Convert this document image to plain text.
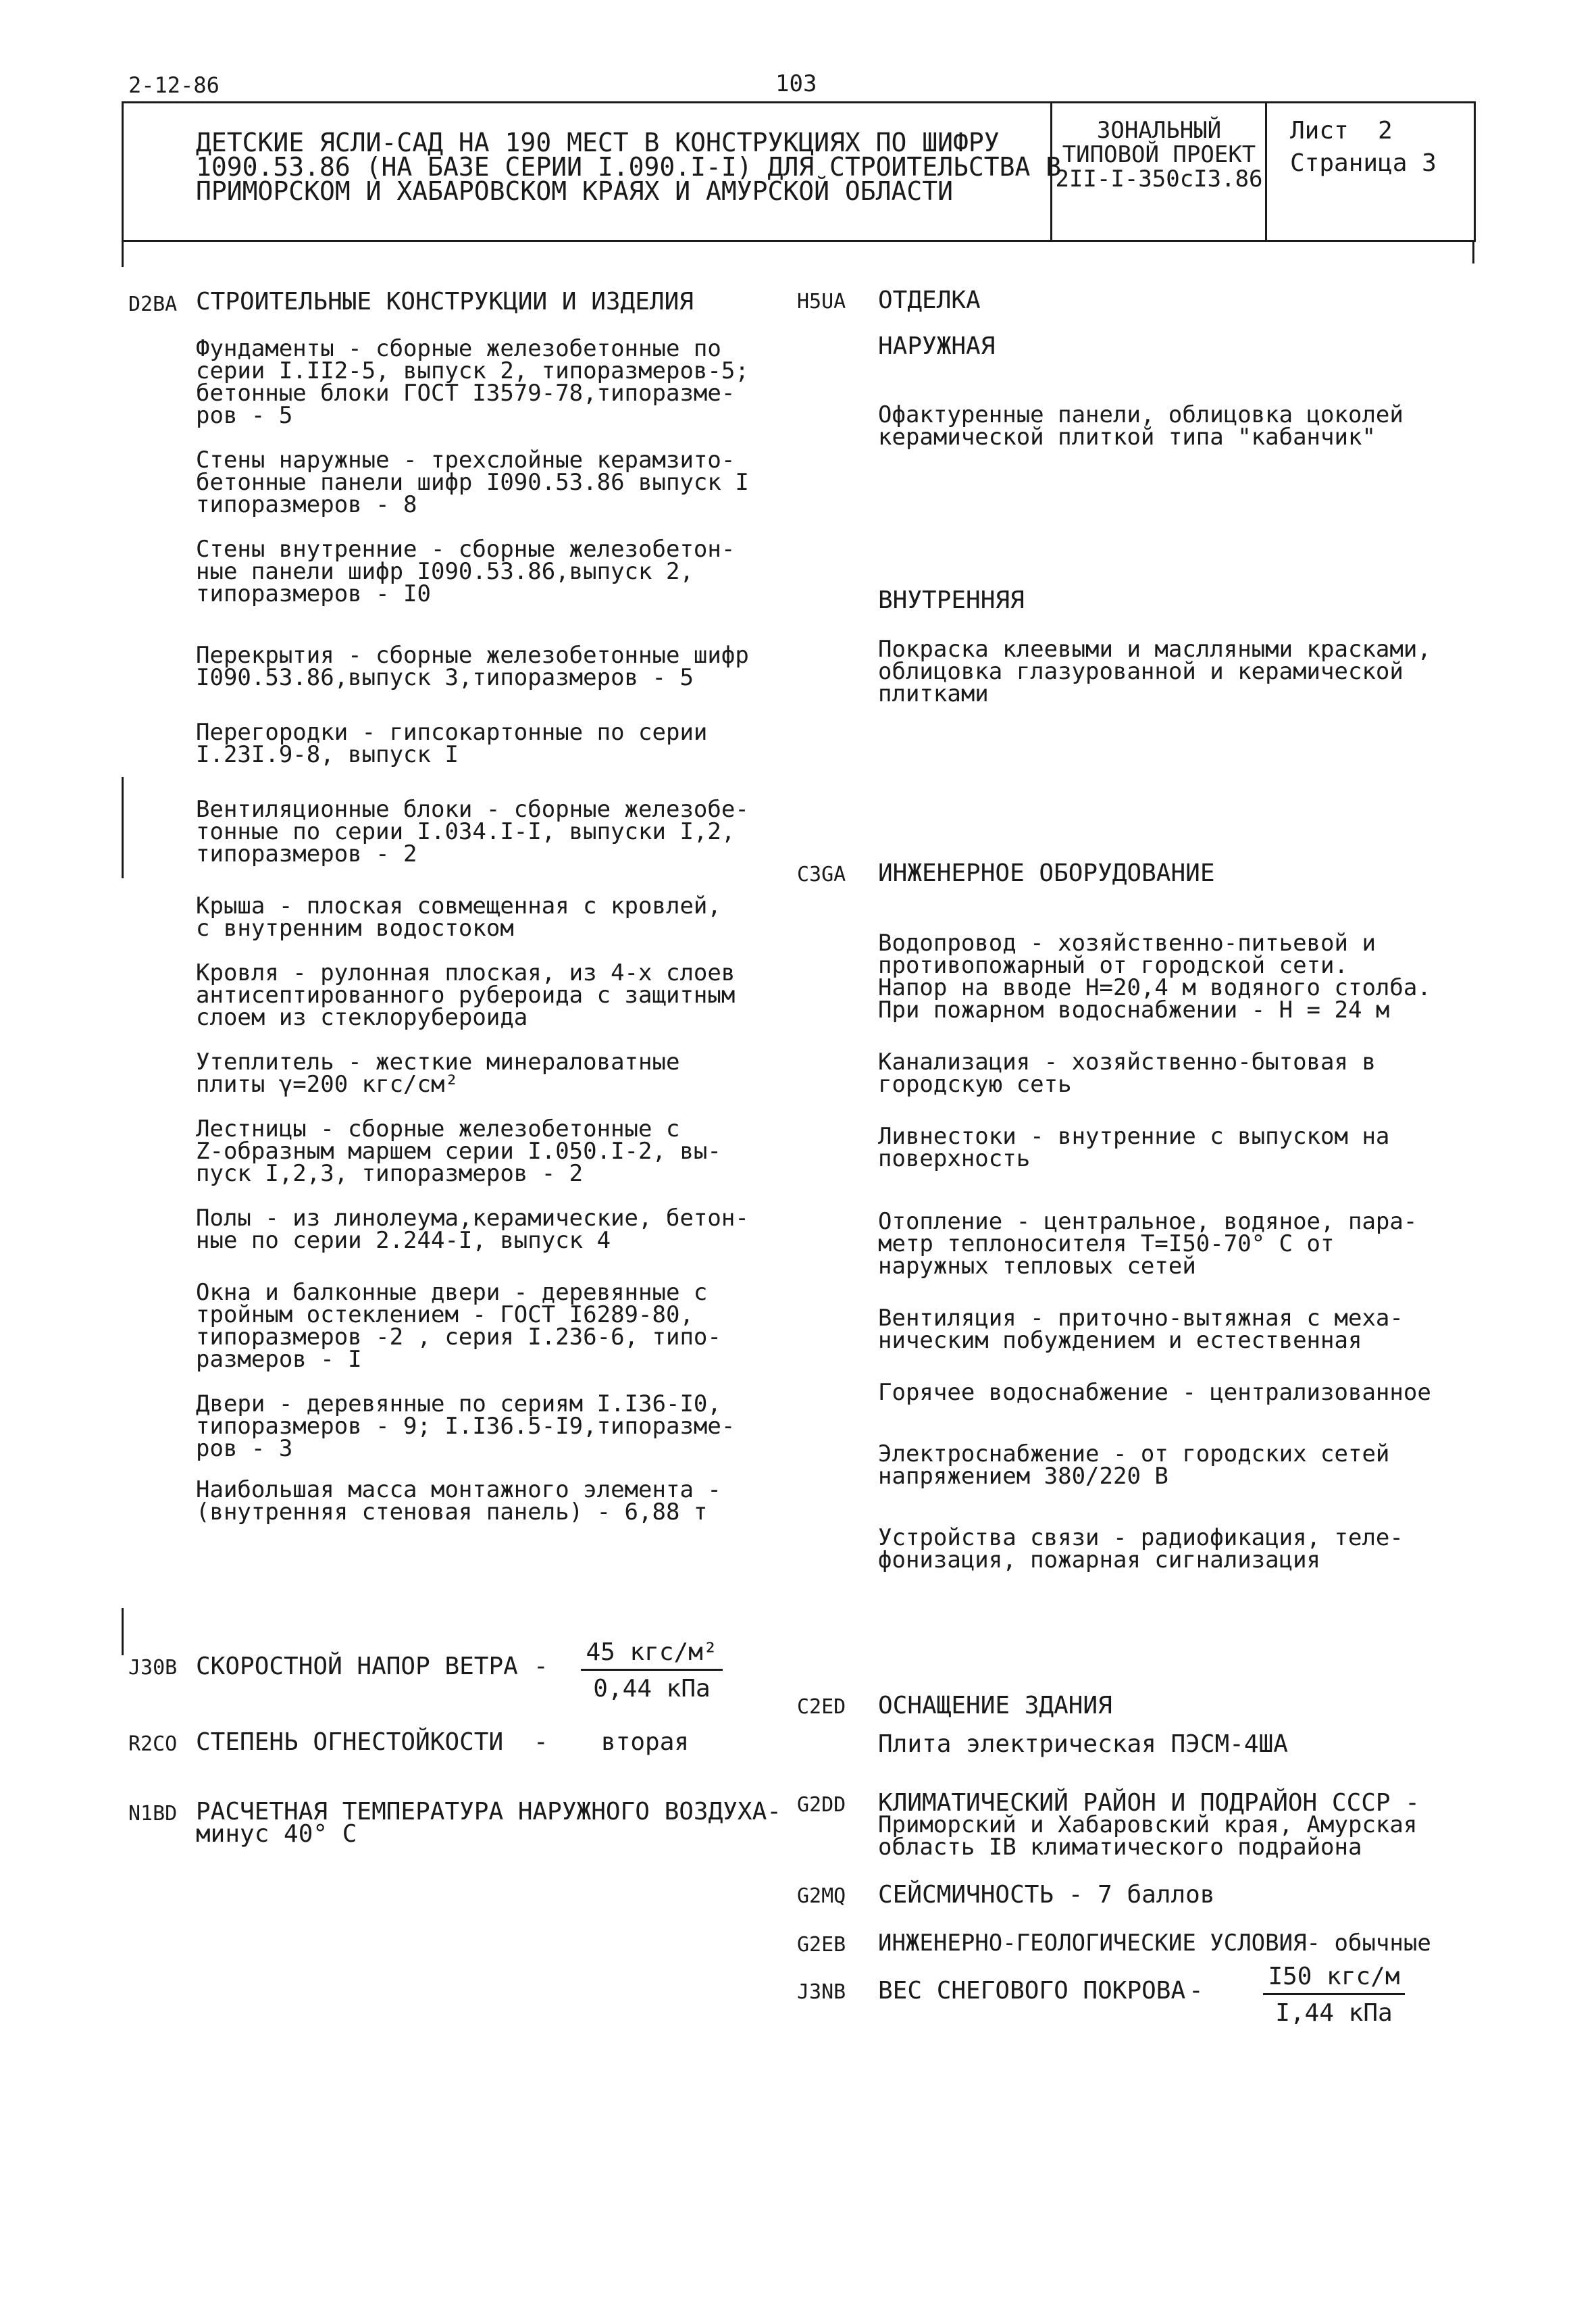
2-12-86	103
ДЕТСКИЕ ЯСЛИ-САД НА 190 МЕСТ В КОНСТРУКЦИЯХ ПО ШИФРУ
1090.53.86 (НА БАЗЕ СЕРИИ I.090.I-I) ДЛЯ СТРОИТЕЛЬСТВА В
ПРИМОРСКОМ И ХАБАРОВСКОМ КРАЯХ И АМУРСКОЙ ОБЛАСТИ
ЗОНАЛЬНЫЙ
ТИПОВОЙ ПРОЕКТ
2II-I-350cI3.86
Лист  2
Страница 3
D2BA СТРОИТЕЛЬНЫЕ КОНСТРУКЦИИ И ИЗДЕЛИЯ
Фундаменты - сборные железобетонные по
серии I.II2-5, выпуск 2, типоразмеров-5;
бетонные блоки ГОСТ I3579-78,типоразме-
ров - 5
Стены наружные - трехслойные керамзито-
бетонные панели шифр I090.53.86 выпуск I
типоразмеров - 8
Стены внутренние - сборные железобетон-
ные панели шифр I090.53.86,выпуск 2,
типоразмеров - I0
Перекрытия - сборные железобетонные шифр
I090.53.86,выпуск 3,типоразмеров - 5
Перегородки - гипсокартонные по серии
I.23I.9-8, выпуск I
Вентиляционные блоки - сборные железобе-
тонные по серии I.034.I-I, выпуски I,2,
типоразмеров - 2
Крыша - плоская совмещенная с кровлей,
с внутренним водостоком
Кровля - рулонная плоская, из 4-х слоев
антисептированного рубероида с защитным
слоем из стеклорубероида
Утеплитель - жесткие минераловатные
плиты γ=200 кгс/см²
Лестницы - сборные железобетонные с
Z-образным маршем серии I.050.I-2, вы-
пуск I,2,3, типоразмеров - 2
Полы - из линолеума,керамические, бетон-
ные по серии 2.244-I, выпуск 4
Окна и балконные двери - деревянные с
тройным остеклением - ГОСТ I6289-80,
типоразмеров -2 , серия I.236-6, типо-
размеров - I
Двери - деревянные по сериям I.I36-I0,
типоразмеров - 9; I.I36.5-I9,типоразме-
ров - 3
Наибольшая масса монтажного элемента -
(внутренняя стеновая панель) - 6,88 т
J30B СКОРОСТНОЙ НАПОР ВЕТРА -
45 кгс/м²
0,44 кПа
R2CO СТЕПЕНЬ ОГНЕСТОЙКОСТИ - вторая
N1BD РАСЧЕТНАЯ ТЕМПЕРАТУРА НАРУЖНОГО ВОЗДУХА-
минус 40° С
H5UA ОТДЕЛКА
НАРУЖНАЯ
Офактуренные панели, облицовка цоколей
керамической плиткой типа "кабанчик"
ВНУТРЕННЯЯ
Покраска клеевыми и маслляными красками,
облицовка глазурованной и керамической
плитками
C3GA ИНЖЕНЕРНОЕ ОБОРУДОВАНИЕ
Водопровод - хозяйственно-питьевой и
противопожарный от городской сети.
Напор на вводе Н=20,4 м водяного столба.
При пожарном водоснабжении - Н = 24 м
Канализация - хозяйственно-бытовая в
городскую сеть
Ливнестоки - внутренние с выпуском на
поверхность
Отопление - центральное, водяное, пара-
метр теплоносителя Т=I50-70° С от
наружных тепловых сетей
Вентиляция - приточно-вытяжная с меха-
ническим побуждением и естественная
Горячее водоснабжение - централизованное
Электроснабжение - от городских сетей
напряжением 380/220 В
Устройства связи - радиофикация, теле-
фонизация, пожарная сигнализация
C2ED ОСНАЩЕНИЕ ЗДАНИЯ
Плита электрическая ПЭСМ-4ШA
G2DD КЛИМАТИЧЕСКИЙ РАЙОН И ПОДРАЙОН СССР -
Приморский и Хабаровский края, Амурская
область IВ климатического подрайона
G2MQ СЕЙСМИЧНОСТЬ - 7 баллов
G2EB ИНЖЕНЕРНО-ГЕОЛОГИЧЕСКИЕ УСЛОВИЯ- обычные
J3NB ВЕС СНЕГОВОГО ПОКРОВА -
I50 кгс/м
I,44 кПа
